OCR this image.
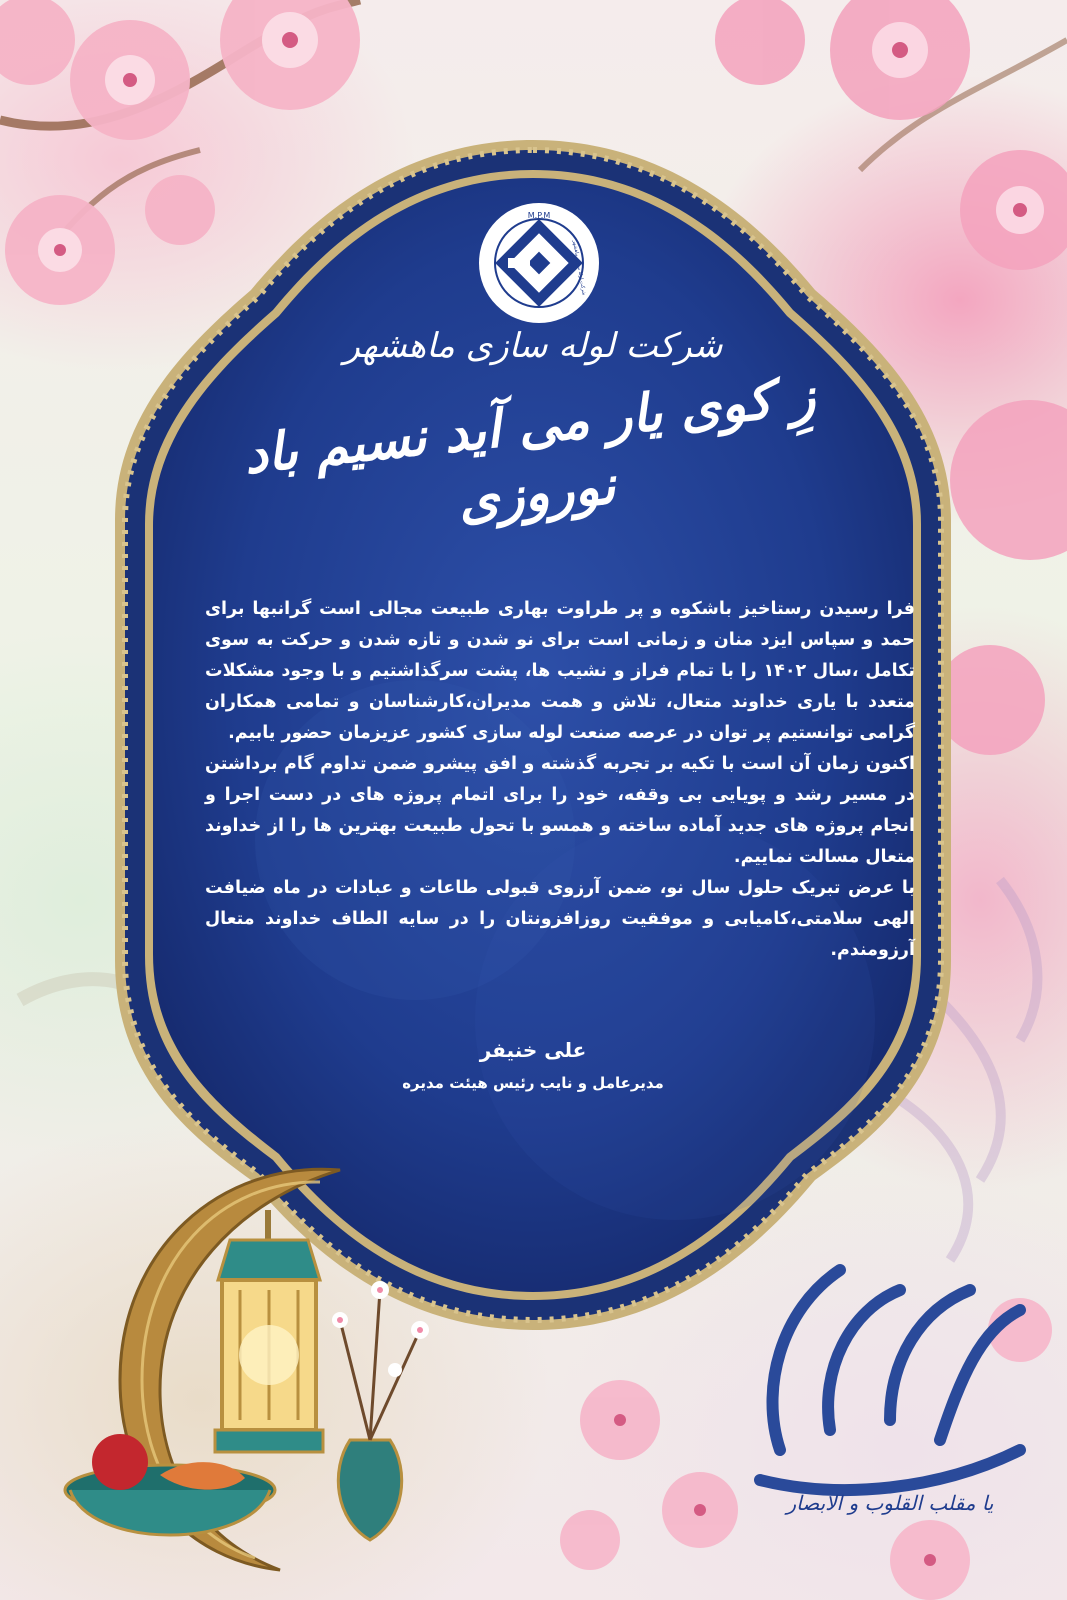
M.P.M
شرکت لوله سازی ماهشهر
شرکت لوله سازی ماهشهر
زِ کوی یار می آید نسیم باد نوروزی

فرا رسیدن رستاخیز باشکوه و پر طراوت بهاری طبیعت مجالی است گرانبها برای حمد و سپاس ایزد منان و زمانی است برای نو شدن و تازه شدن و حرکت به سوی تکامل ،سال ۱۴۰۲ را با تمام فراز و نشیب ها، پشت سرگذاشتیم و با وجود مشکلات متعدد با یاری خداوند متعال، تلاش و همت مدیران،کارشناسان و تمامی همکاران گرامی توانستیم پر توان در عرصه صنعت لوله سازی کشور عزیزمان حضور یابیم.

اکنون زمان آن است با تکیه بر تجربه گذشته و افق پیشرو ضمن تداوم گام برداشتن در مسیر رشد و پویایی بی وقفه، خود را برای اتمام پروژه های در دست اجرا و انجام پروژه های جدید آماده ساخته و همسو با تحول طبیعت بهترین ها را از خداوند متعال مسالت نماییم.

با عرض تبریک حلول سال نو، ضمن آرزوی قبولی طاعات و عبادات در ماه ضیافت الهی سلامتی،کامیابی و موفقیت روزافزونتان را در سایه الطاف خداوند متعال آرزومندم.

علی خنیفر
مدیرعامل و نایب رئیس هیئت مدیره
یا مقلب القلوب و الابصار
